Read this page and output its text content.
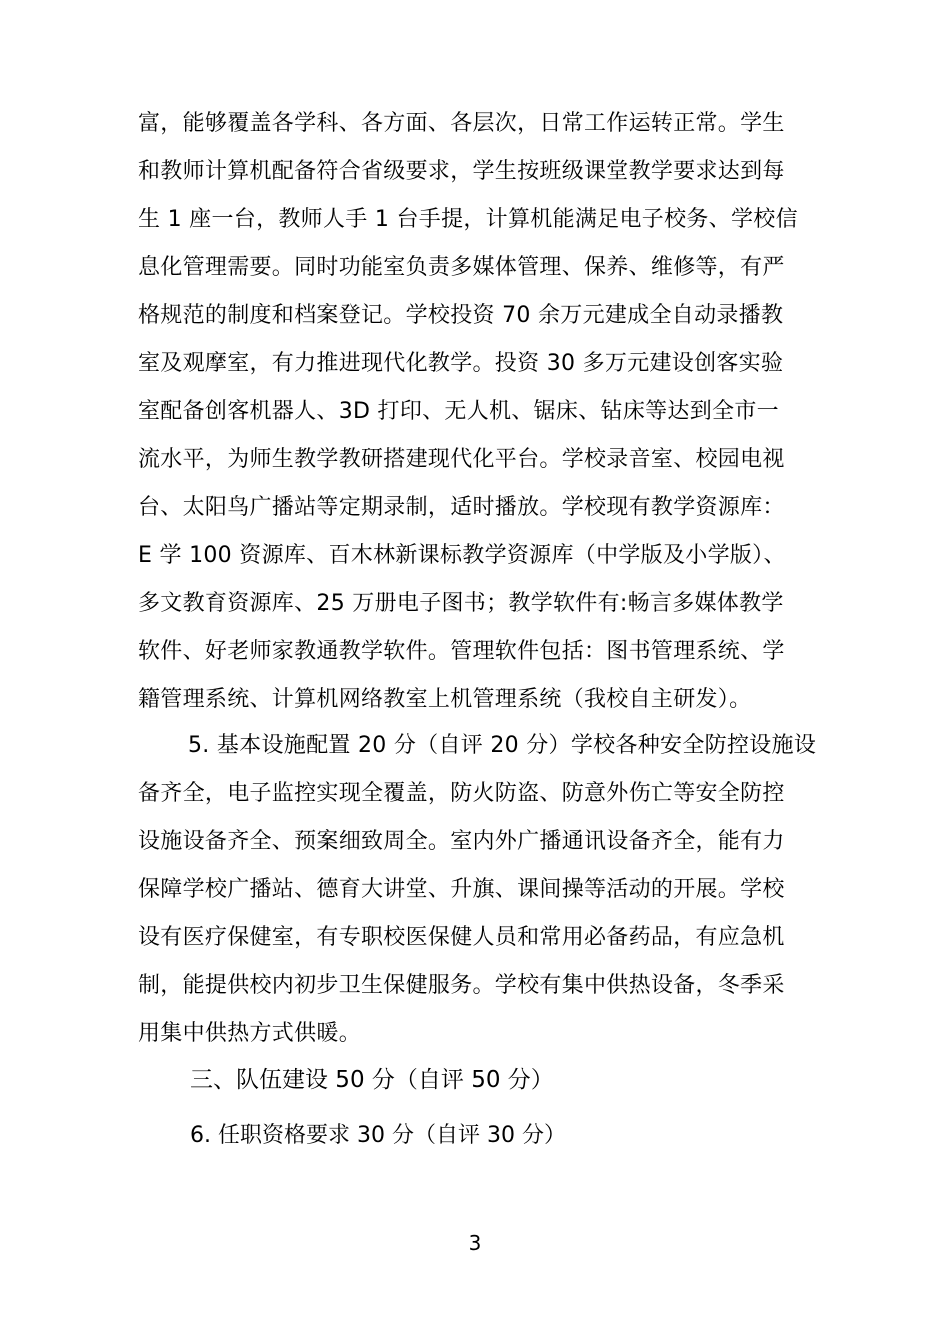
富，能够覆盖各学科、各方面、各层次，日常工作运转正常。学生
和教师计算机配备符合省级要求，学生按班级课堂教学要求达到每
生 1 座一台，教师人手 1 台手提，计算机能满足电子校务、学校信
息化管理需要。同时功能室负责多媒体管理、保养、维修等，有严
格规范的制度和档案登记。学校投资 70 余万元建成全自动录播教
室及观摩室，有力推进现代化教学。投资 30 多万元建设创客实验
室配备创客机器人、3D 打印、无人机、锯床、钻床等达到全市一
流水平，为师生教学教研搭建现代化平台。学校录音室、校园电视
台、太阳鸟广播站等定期录制，适时播放。学校现有教学资源库：
E 学 100 资源库、百木林新课标教学资源库（中学版及小学版）、
多文教育资源库、25 万册电子图书；教学软件有:畅言多媒体教学
软件、好老师家教通教学软件。管理软件包括：图书管理系统、学
籍管理系统、计算机网络教室上机管理系统（我校自主研发）。
5. 基本设施配置 20 分（自评 20 分）学校各种安全防控设施设
备齐全，电子监控实现全覆盖，防火防盗、防意外伤亡等安全防控
设施设备齐全、预案细致周全。室内外广播通讯设备齐全，能有力
保障学校广播站、德育大讲堂、升旗、课间操等活动的开展。学校
设有医疗保健室，有专职校医保健人员和常用必备药品，有应急机
制，能提供校内初步卫生保健服务。学校有集中供热设备，冬季采
用集中供热方式供暖。
三、队伍建设 50 分（自评 50 分）
6. 任职资格要求 30 分（自评 30 分）
3
